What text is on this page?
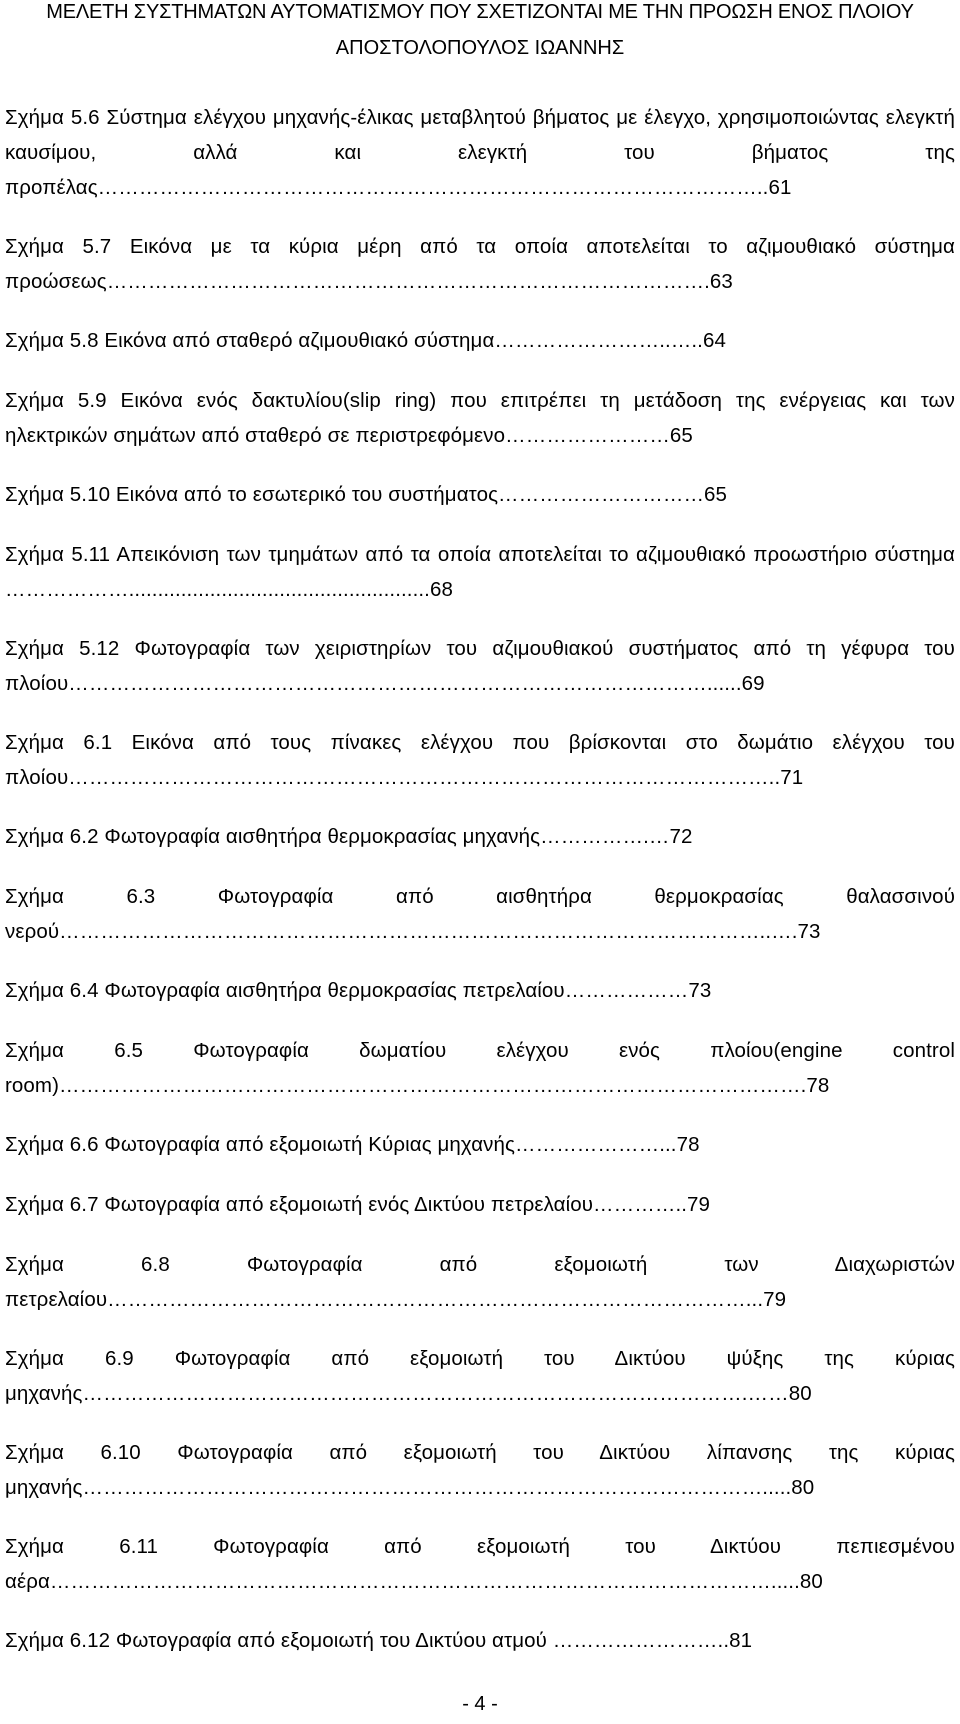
ΜΕΛΕΤΗ ΣΥΣΤΗΜΑΤΩΝ ΑΥΤΟΜΑΤΙΣΜΟΥ ΠΟΥ ΣΧΕΤΙΖΟΝΤΑΙ ΜΕ ΤΗΝ ΠΡΟΩΣΗ ΕΝΟΣ ΠΛΟΙΟΥ
ΑΠΟΣΤΟΛΟΠΟΥΛΟΣ ΙΩΑΝΝΗΣ

Σχήμα 5.6 Σύστημα ελέγχου μηχανής-έλικας μεταβλητού βήματος με έλεγχο, χρησιμοποιώντας ελεγκτή καυσίμου, αλλά και ελεγκτή του βήματος της προπέλας……………………………………………………………………………………..61

Σχήμα 5.7 Εικόνα με τα κύρια μέρη από τα οποία αποτελείται το αζιμουθιακό σύστημα προώσεως…………………………………………………………………………….63

Σχήμα 5.8 Εικόνα από σταθερό αζιμουθιακό σύστημα……………………..…..64

Σχήμα 5.9 Εικόνα ενός δακτυλίου(slip ring) που επιτρέπει τη μετάδοση της ενέργειας και των ηλεκτρικών σημάτων από σταθερό σε περιστρεφόμενο……………………65

Σχήμα 5.10 Εικόνα από το εσωτερικό του συστήματος…………………………65

Σχήμα 5.11 Απεικόνιση των τμημάτων από τα οποία αποτελείται το αζιμουθιακό προωστήριο σύστημα ………………....................................................68

Σχήμα 5.12 Φωτογραφία των χειριστηρίων του αζιμουθιακού συστήματος από τη γέφυρα του πλοίου…………………………………………………………………………………......69

Σχήμα 6.1 Εικόνα από τους πίνακες ελέγχου που βρίσκονται στο δωμάτιο ελέγχου του πλοίου…………………………………………………………………………………………..71

Σχήμα 6.2 Φωτογραφία αισθητήρα θερμοκρασίας μηχανής…………….…72

Σχήμα 6.3 Φωτογραφία από αισθητήρα θερμοκρασίας θαλασσινού νερού…………………………………………………………………………………………..….73

Σχήμα 6.4 Φωτογραφία αισθητήρα θερμοκρασίας πετρελαίου………………73

Σχήμα 6.5 Φωτογραφία δωματίου ελέγχου ενός πλοίου(engine control room)……………………………………………………………………………………………….78

Σχήμα 6.6 Φωτογραφία από εξομοιωτή Κύριας μηχανής…………………...78

Σχήμα 6.7 Φωτογραφία από εξομοιωτή ενός Δικτύου πετρελαίου…………..79

Σχήμα 6.8 Φωτογραφία από εξομοιωτή των Διαχωριστών πετρελαίου…………………………………………………………………………………...79

Σχήμα 6.9 Φωτογραφία από εξομοιωτή του Δικτύου ψύξης της κύριας μηχανής…………………………………………………………………………………….……80

Σχήμα 6.10 Φωτογραφία από εξομοιωτή του Δικτύου λίπανσης της κύριας μηχανής……………………………………………………………………………………….....80

Σχήμα 6.11 Φωτογραφία από εξομοιωτή του Δικτύου πεπιεσμένου αέρα…………………………………………………………………………………………….....80

Σχήμα 6.12 Φωτογραφία από εξομοιωτή του Δικτύου ατμού ……………………..81

- 4 -
